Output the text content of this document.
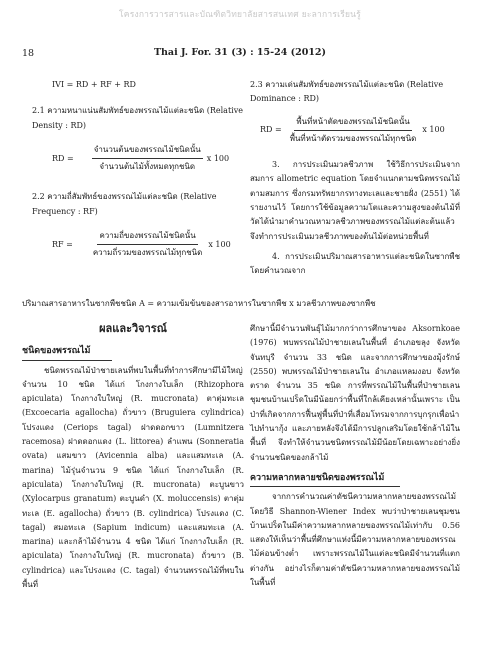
โครงการวารสารและบัณฑิตวิทยาลัยสารสนเทศ ยะลาการเรียนรู้
18	Thai J. For. 31 (3) : 15-24 (2012)
IVI = RD + RF + RD
2.1 ความหนาแน่นสัมพัทธ์ของพรรณไม้แต่ละชนิด (Relative Density : RD)
RD = $\frac{\text{จำนวนต้นของพรรณไม้ชนิดนั้น}}{\text{จำนวนต้นไม้ทั้งหมดทุกชนิด}}$ x 100
2.2 ความถี่สัมพัทธ์ของพรรณไม้แต่ละชนิด (Relative Frequency : RF)
RF = $\frac{\text{ความถี่ของพรรณไม้ชนิดนั้น}}{\text{ความถี่รวมของพรรณไม้ทุกชนิด}}$ x 100
2.3 ความเด่นสัมพัทธ์ของพรรณไม้แต่ละชนิด (Relative Dominance : RD)
RD = $\frac{\text{พื้นที่หน้าตัดของพรรณไม้ชนิดนั้น}}{\text{พื้นที่หน้าตัดรวมของพรรณไม้ทุกชนิด}}$ x 100

3. การประเมินมวลชีวภาพ ใช้วิธีการประเมินจากสมการ allometric equation โดยจำแนกตามชนิดพรรณไม้ตามสมการ ซึ่งกรมทรัพยากรทางทะเลและชายฝั่ง (2551) ได้รายงานไว้ โดยการใช้ข้อมูลความโตและความสูงของต้นไม้ที่วัดได้นำมาคำนวณหามวลชีวภาพของพรรณไม้แต่ละต้นแล้วจึงทำการประเมินมวลชีวภาพของต้นไม้ต่อหน่วยพื้นที่

4. การประเมินปริมาณสารอาหารแต่ละชนิดในซากพืชโดยคำนวณจาก

ปริมาณสารอาหารในซากพืชชนิด A = ความเข้มข้นของสารอาหารในซากพืช x มวลชีวภาพของซากพืช
ผลและวิจารณ์
ชนิดของพรรณไม้

ชนิดพรรณไม้ป่าชายเลนที่พบในพื้นที่ทำการศึกษามีไม้ใหญ่จำนวน 10 ชนิด ได้แก่ โกงกางใบเล็ก (Rhizophora apiculata) โกงกางใบใหญ่ (R. mucronata) ตาตุ่มทะเล (Excoecaria agallocha) ถั่วขาว (Bruguiera cylindrica) โปรงแดง (Ceriops tagal) ฝาดดอกขาว (Lumnitzera racemosa) ฝาดดอกแดง (L. littorea) ลำแพน (Sonneratia ovata) แสมขาว (Avicennia alba) และแสมทะเล (A. marina) ไม้รุ่นจำนวน 9 ชนิด ได้แก่ โกงกางใบเล็ก (R. apiculata) โกงกางใบใหญ่ (R. mucronata) ตะบูนขาว (Xylocarpus granatum) ตะบูนดำ (X. moluccensis) ตาตุ่มทะเล (E. agallocha) ถั่วขาว (B. cylindrica) โปรงแดง (C. tagal) สมอทะเล (Sapium indicum) และแสมทะเล (A. marina) และกล้าไม้จำนวน 4 ชนิด ได้แก่ โกงกางใบเล็ก (R. apiculata) โกงกางใบใหญ่ (R. mucronata) ถั่วขาว (B. cylindrica) และโปรงแดง (C. tagal) จำนวนพรรณไม้ที่พบในพื้นที่

ศึกษานี้มีจำนวนพันธุ์ไม้มากกว่าการศึกษาของ Aksornkoae (1976) พบพรรณไม้ป่าชายเลนในพื้นที่ อำเภอขลุง จังหวัดจันทบุรี จำนวน 33 ชนิด และจากการศึกษาของมุ้งรักษ์ (2550) พบพรรณไม้ป่าชายเลนใน อำเภอแหลมงอบ จังหวัดตราด จำนวน 35 ชนิด การที่พรรณไม้ในพื้นที่ป่าชายเลนชุมชนบ้านเปร็ดในมีน้อยกว่าพื้นที่ใกล้เคียงเหล่านั้นเพราะ เป็นป่าที่เกิดจากการฟื้นฟูพื้นที่ป่าที่เสื่อมโทรมจากการบุกรุกเพื่อนำไปทำนากุ้ง และภายหลังจึงได้มีการปลูกเสริมโดยใช้กล้าไม้ในพื้นที่ จึงทำให้จำนวนชนิดพรรณไม้มีน้อยโดยเฉพาะอย่างยิ่งจำนวนชนิดของกล้าไม้

ความหลากหลายชนิดของพรรณไม้

จากการคำนวณค่าดัชนีความหลากหลายของพรรณไม้โดยวิธี Shannon-Wiener Index พบว่าป่าชายเลนชุมชนบ้านเปร็ดในมีค่าความหลากหลายของพรรณไม้เท่ากับ 0.56 แสดงให้เห็นว่าพื้นที่ศึกษาแห่งนี้มีความหลากหลายของพรรณไม้ค่อนข้างต่ำ เพราะพรรณไม้ในแต่ละชนิดมีจำนวนที่แตกต่างกัน อย่างไรก็ตามค่าดัชนีความหลากหลายของพรรณไม้ในพื้นที่
